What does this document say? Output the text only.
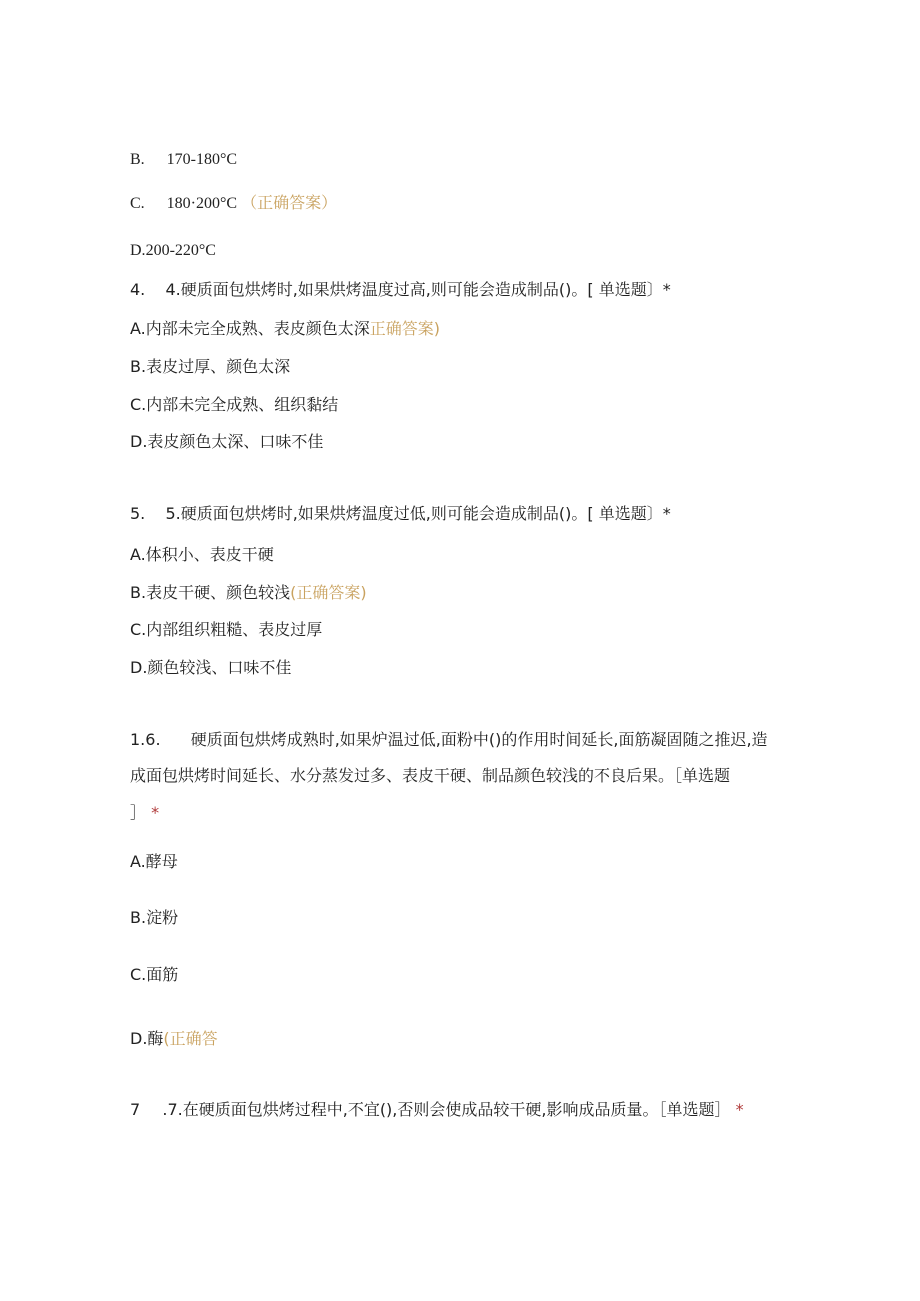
B. 170-180°C
C. 180·200°C （正确答案）
D.200-220°C
4. 4.硬质面包烘烤时,如果烘烤温度过高,则可能会造成制品()。[ 单选题〕*
A.内部未完全成熟、表皮颜色太深正确答案)
B.表皮过厚、颜色太深
C.内部未完全成熟、组织黏结
D.表皮颜色太深、口味不佳
5. 5.硬质面包烘烤时,如果烘烤温度过低,则可能会造成制品()。[ 单选题〕*
A.体积小、表皮干硬
B.表皮干硬、颜色较浅(正确答案)
C.内部组织粗糙、表皮过厚
D.颜色较浅、口味不佳
1.6. 硬质面包烘烤成熟时,如果炉温过低,面粉中()的作用时间延长,面筋凝固随之推迟,造
成面包烘烤时间延长、水分蒸发过多、表皮干硬、制品颜色较浅的不良后果。［单选题
］ *
A.酵母
B.淀粉
C.面筋
D.酶(正确答
7 .7.在硬质面包烘烤过程中,不宜(),否则会使成品较干硬,影响成品质量。［单选题］ *
